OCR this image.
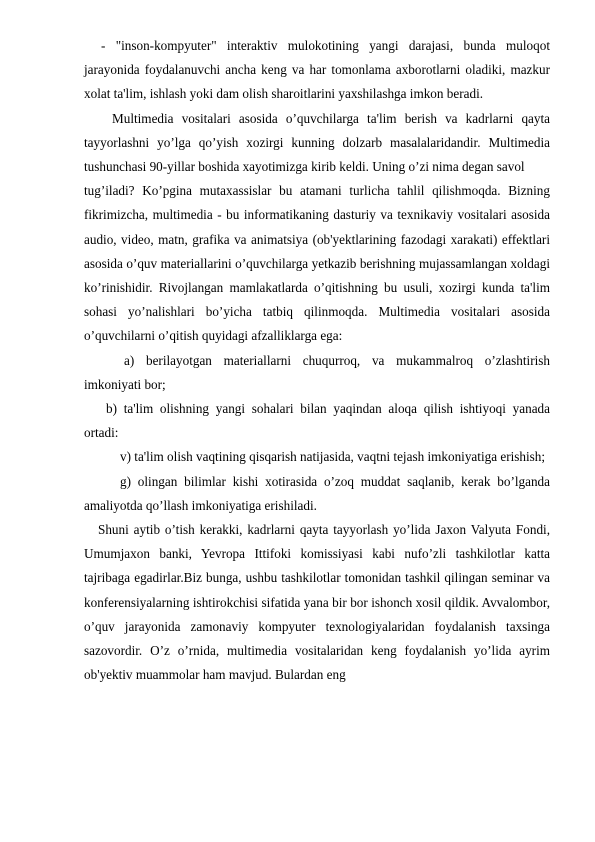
- "inson-kompyuter" interaktiv mulokotining yangi darajasi, bunda muloqot jarayonida foydalanuvchi ancha keng va har tomonlama axborotlarni oladiki, mazkur xolat ta'lim, ishlash yoki dam olish sharoitlarini yaxshilashga imkon beradi.

Multimedia vositalari asosida o’quvchilarga ta'lim berish va kadrlarni qayta tayyorlashni yo’lga qo’yish xozirgi kunning dolzarb masalalaridandir. Multimedia tushunchasi 90-yillar boshida xayotimizga kirib keldi. Uning o’zi nima degan savol

tug’iladi? Ko’pgina mutaxassislar bu atamani turlicha tahlil qilishmoqda. Bizning fikrimizcha, multimedia - bu informatikaning dasturiy va texnikaviy vositalari asosida audio, video, matn, grafika va animatsiya (ob'yektlarining fazodagi xarakati) effektlari asosida o’quv materiallarini o’quvchilarga yetkazib berishning mujassamlangan xoldagi ko’rinishidir. Rivojlangan mamlakatlarda o’qitishning bu usuli, xozirgi kunda ta'lim sohasi yo’nalishlari bo’yicha tatbiq qilinmoqda. Multimedia vositalari asosida o’quvchilarni o’qitish quyidagi afzalliklarga ega:

a) berilayotgan materiallarni chuqurroq, va mukammalroq o’zlashtirish imkoniyati bor;

b) ta'lim olishning yangi sohalari bilan yaqindan aloqa qilish ishtiyoqi yanada ortadi:

v) ta'lim olish vaqtining qisqarish natijasida, vaqtni tejash imkoniyatiga erishish;

g) olingan bilimlar kishi xotirasida o’zoq muddat saqlanib, kerak bo’lganda amaliyotda qo’llash imkoniyatiga erishiladi.

Shuni aytib o’tish kerakki, kadrlarni qayta tayyorlash yo’lida Jaxon Valyuta Fondi, Umumjaxon banki, Yevropa Ittifoki komissiyasi kabi nufo’zli tashkilotlar katta tajribaga egadirlar.Biz bunga, ushbu tashkilotlar tomonidan tashkil qilingan seminar va konferensiyalarning ishtirokchisi sifatida yana bir bor ishonch xosil qildik. Avvalombor, o’quv jarayonida zamonaviy kompyuter texnologiyalaridan foydalanish taxsinga sazovordir. O’z o’rnida, multimedia vositalaridan keng foydalanish yo’lida ayrim ob'yektiv muammolar ham mavjud. Bulardan eng
